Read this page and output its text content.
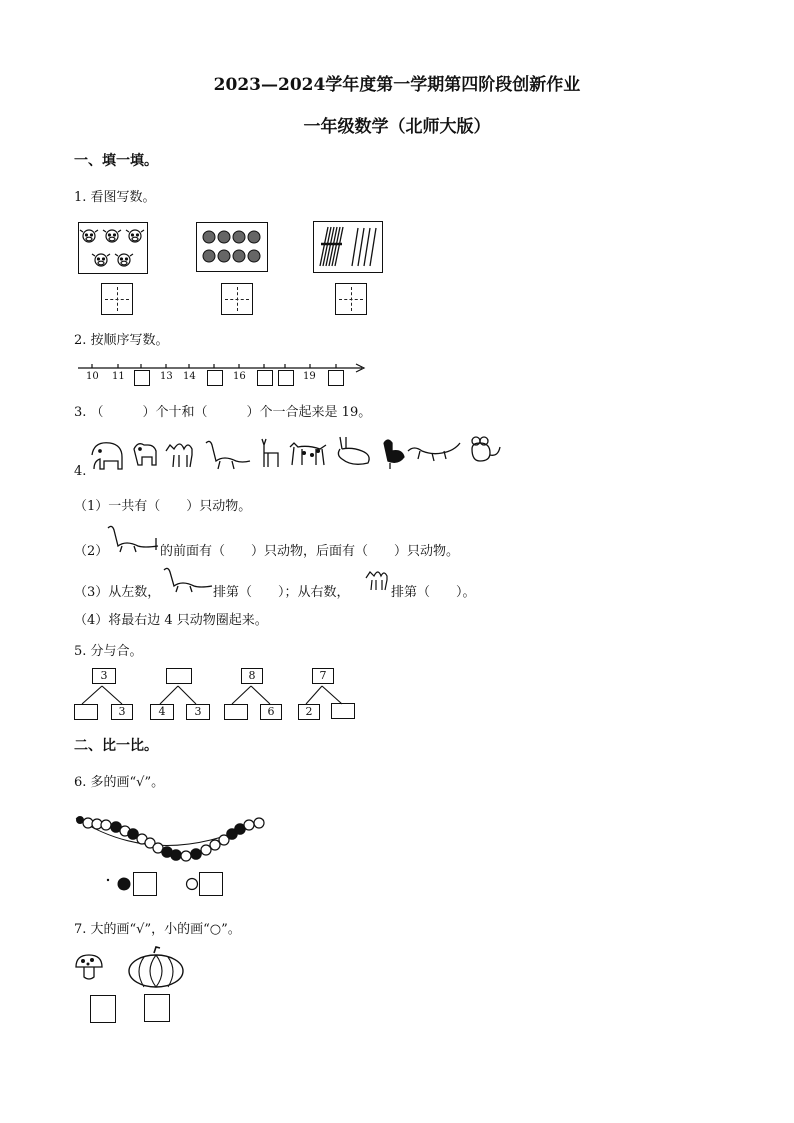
2023—2024学年度第一学期第四阶段创新作业
一年级数学（北师大版）
一、填一填。
1. 看图写数。
2. 按顺序写数。
10 11	13 14	16	19
3. （　　　）个十和（　　　）个一合起来是 19。
4.
（1）一共有（　　）只动物。
（2）	的前面有（　　）只动物，后面有（　　）只动物。
（3）从左数，	排第（　　）；从右数，	排第（　　）。
（4）将最右边 4 只动物圈起来。
5. 分与合。
3
3	4	3
8
6
7
2
二、比一比。
6. 多的画“√”。
7. 大的画“√”，小的画“○”。
